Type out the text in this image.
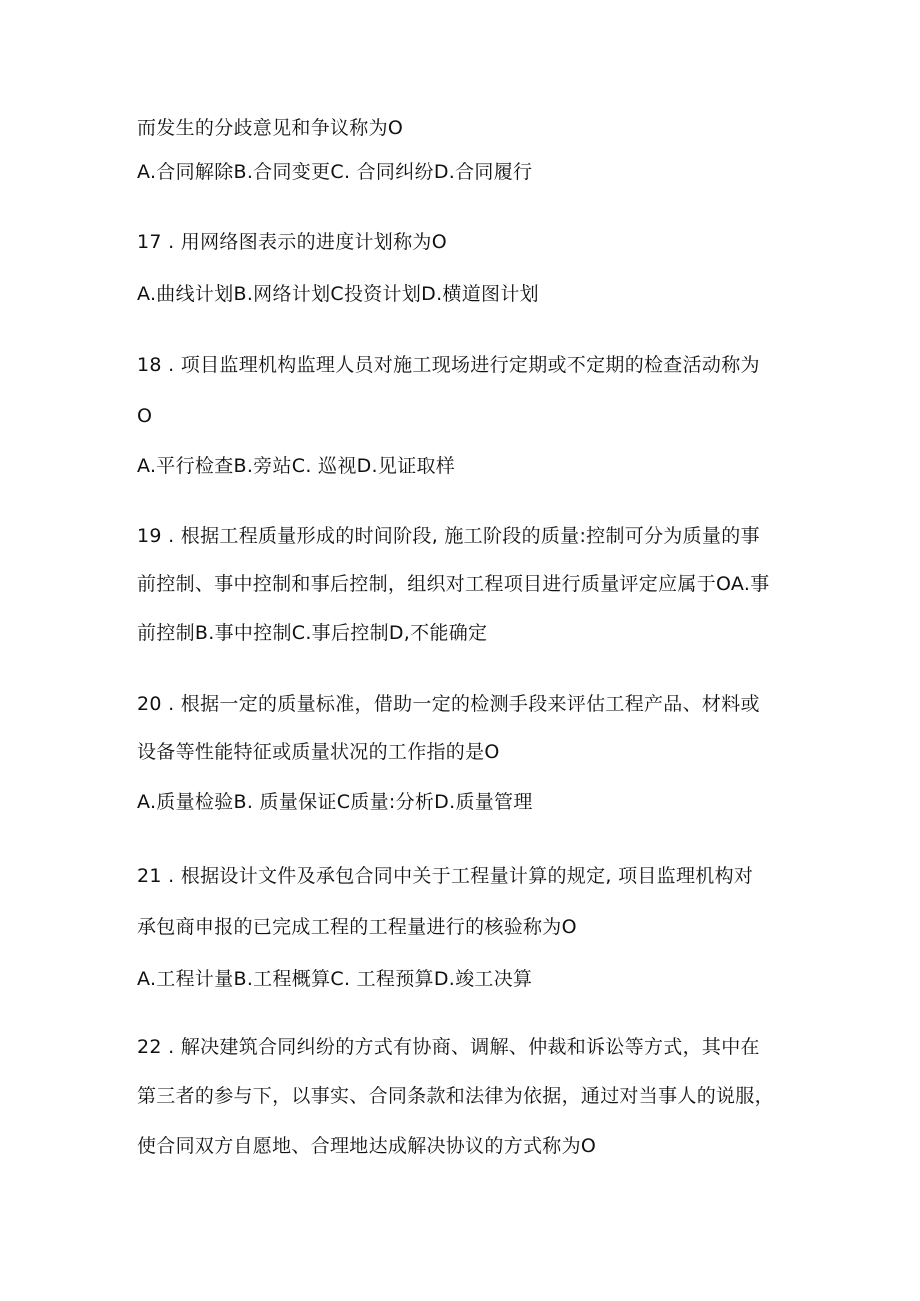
而发生的分歧意见和争议称为O
A.合同解除B.合同变更C. 合同纠纷D.合同履行
17 . 用网络图表示的进度计划称为O
A.曲线计划B.网络计划C投资计划D.横道图计划
18 . 项目监理机构监理人员对施工现场进行定期或不定期的检查活动称为
O
A.平行检查B.旁站C. 巡视D.见证取样
19 . 根据工程质量形成的时间阶段, 施工阶段的质量:控制可分为质量的事
前控制、事中控制和事后控制，组织对工程项目进行质量评定应属于OA.事
前控制B.事中控制C.事后控制D,不能确定
20 . 根据一定的质量标准，借助一定的检测手段来评估工程产品、材料或
设备等性能特征或质量状况的工作指的是O
A.质量检验B. 质量保证C质量:分析D.质量管理
21 . 根据设计文件及承包合同中关于工程量计算的规定, 项目监理机构对
承包商申报的已完成工程的工程量进行的核验称为O
A.工程计量B.工程概算C. 工程预算D.竣工决算
22 . 解决建筑合同纠纷的方式有协商、调解、仲裁和诉讼等方式，其中在
第三者的参与下，以事实、合同条款和法律为依据，通过对当事人的说服，
使合同双方自愿地、合理地达成解决协议的方式称为O
